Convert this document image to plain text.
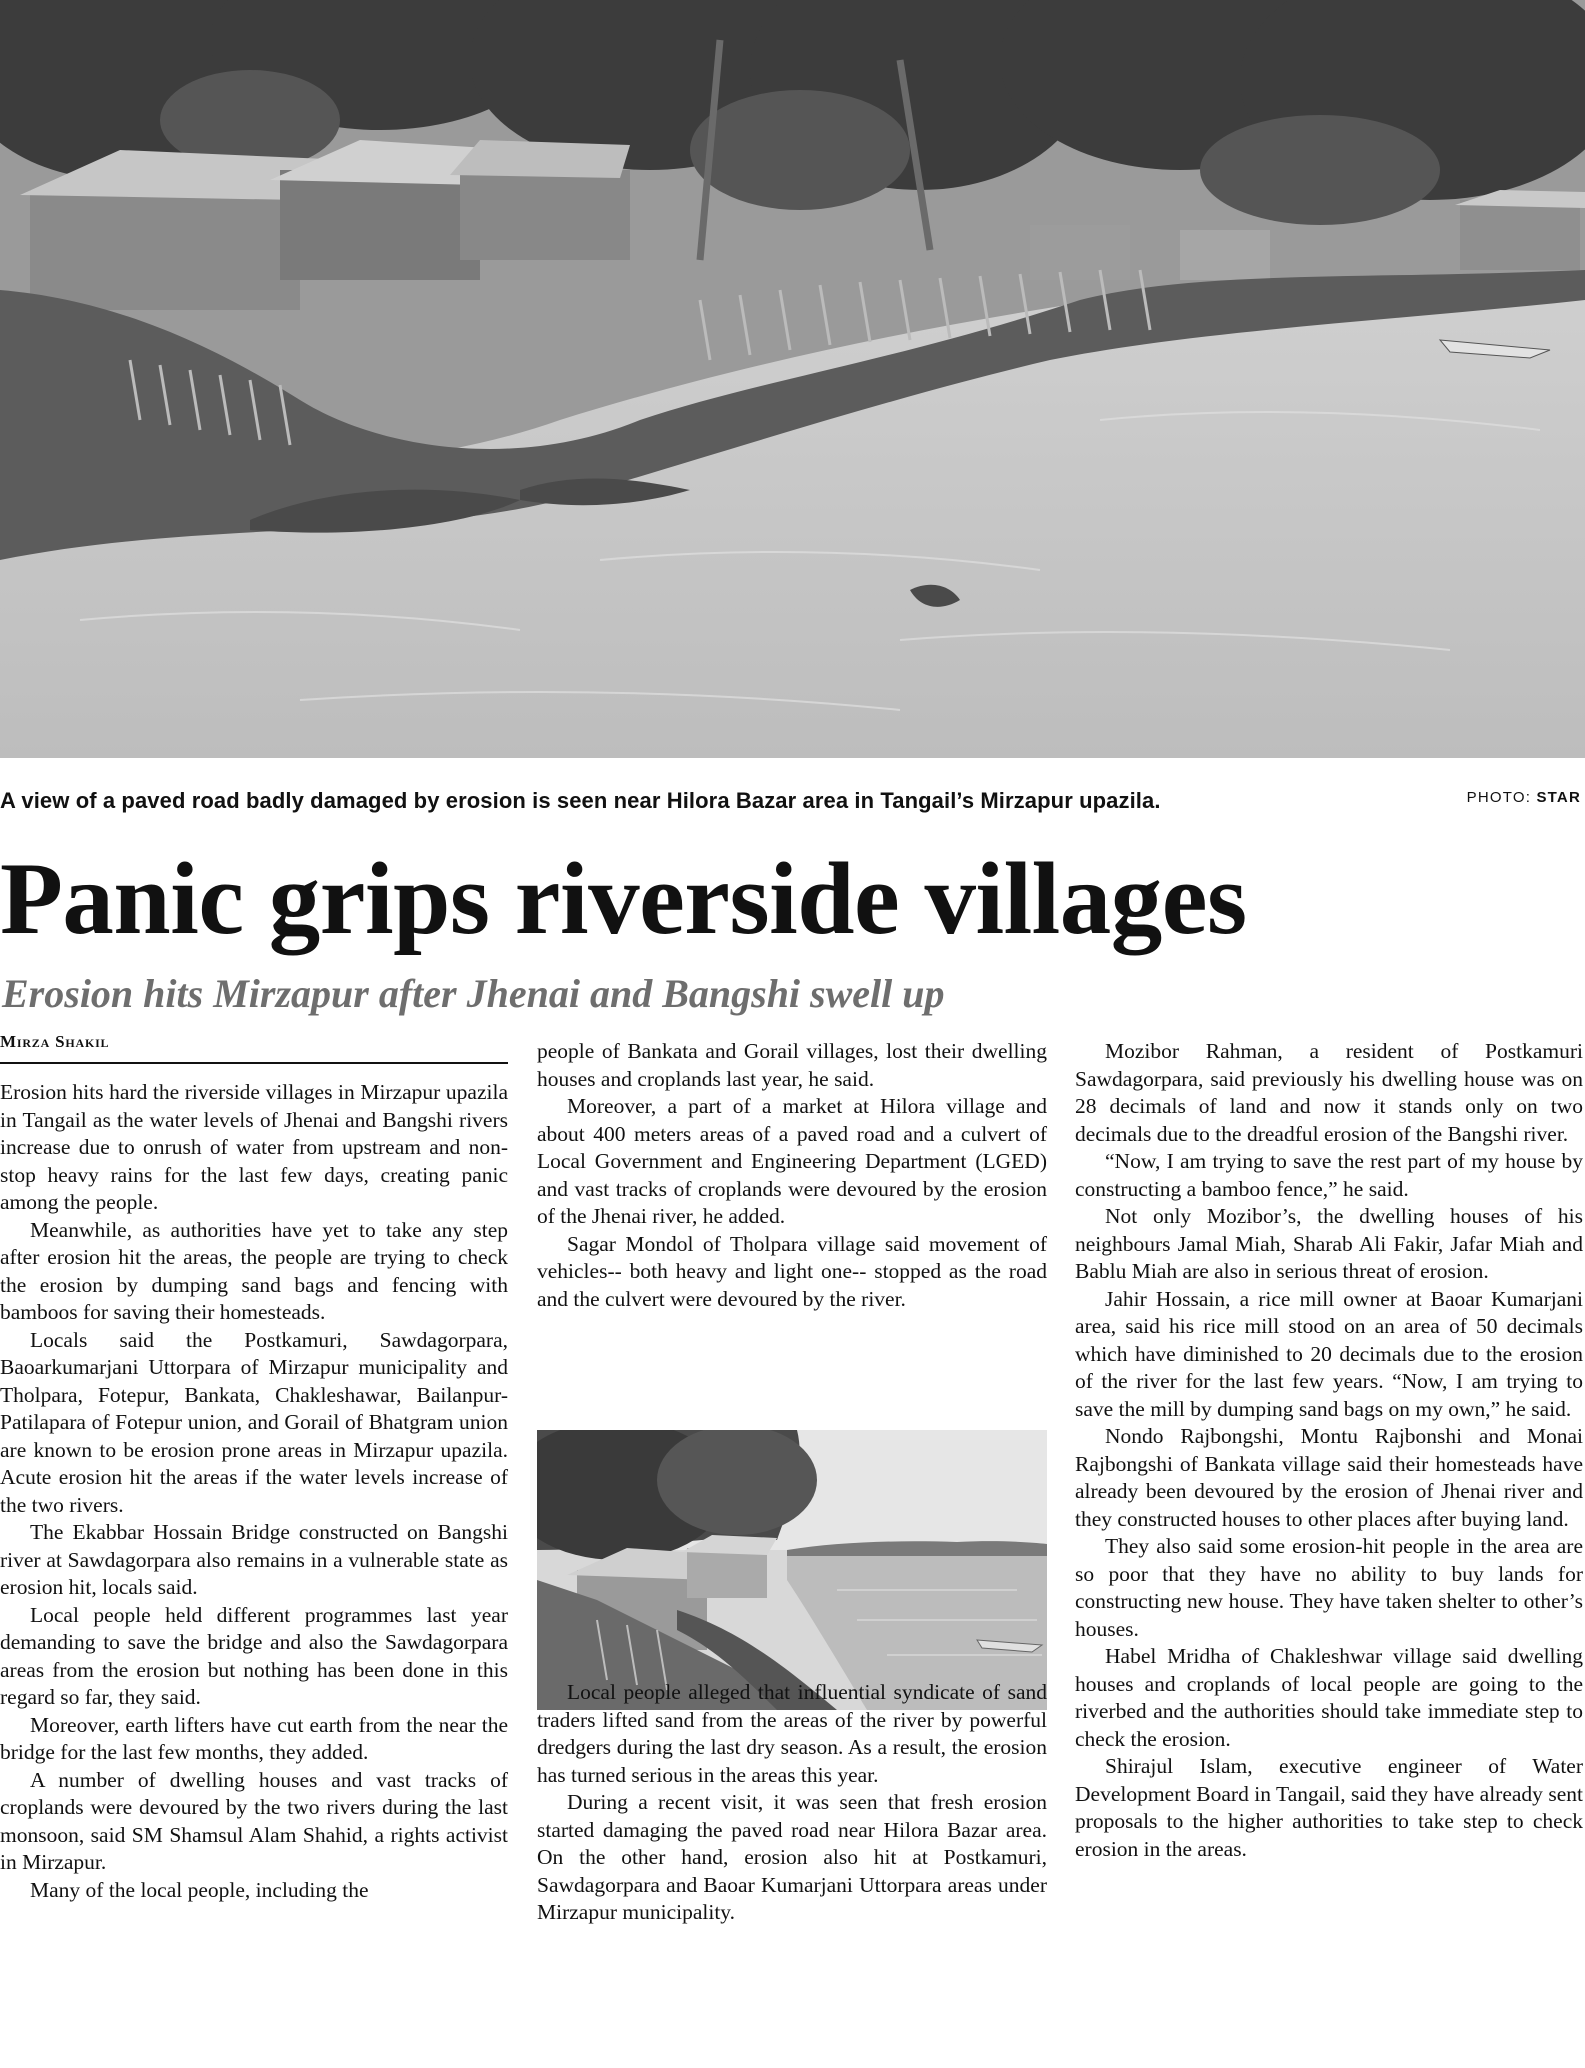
A view of a paved road badly damaged by erosion is seen near Hilora Bazar area in Tangail’s Mirzapur upazila.	PHOTO: STAR
Panic grips riverside villages
Erosion hits Mirzapur after Jhenai and Bangshi swell up
Mirza Shakil

Erosion hits hard the riverside villages in Mirzapur upazila in Tangail as the water levels of Jhenai and Bangshi rivers increase due to onrush of water from upstream and non-stop heavy rains for the last few days, creating panic among the people.

Meanwhile, as authorities have yet to take any step after erosion hit the areas, the people are trying to check the erosion by dumping sand bags and fencing with bamboos for saving their homesteads.

Locals said the Postkamuri, Sawdagorpara, Baoarkumarjani Uttorpara of Mirzapur municipality and Tholpara, Fotepur, Bankata, Chakleshawar, Bailanpur-Patilapara of Fotepur union, and Gorail of Bhatgram union are known to be erosion prone areas in Mirzapur upazila. Acute erosion hit the areas if the water levels increase of the two rivers.

The Ekabbar Hossain Bridge constructed on Bangshi river at Sawdagorpara also remains in a vulnerable state as erosion hit, locals said.

Local people held different programmes last year demanding to save the bridge and also the Sawdagorpara areas from the erosion but nothing has been done in this regard so far, they said.

Moreover, earth lifters have cut earth from the near the bridge for the last few months, they added.

A number of dwelling houses and vast tracks of croplands were devoured by the two rivers during the last monsoon, said SM Shamsul Alam Shahid, a rights activist in Mirzapur.

Many of the local people, including the

people of Bankata and Gorail villages, lost their dwelling houses and croplands last year, he said.

Moreover, a part of a market at Hilora village and about 400 meters areas of a paved road and a culvert of Local Government and Engineering Department (LGED) and vast tracks of croplands were devoured by the erosion of the Jhenai river, he added.

Sagar Mondol of Tholpara village said movement of vehicles-- both heavy and light one-- stopped as the road and the culvert were devoured by the river.

Local people alleged that influential syndicate of sand traders lifted sand from the areas of the river by powerful dredgers during the last dry season. As a result, the erosion has turned serious in the areas this year.

During a recent visit, it was seen that fresh erosion started damaging the paved road near Hilora Bazar area. On the other hand, erosion also hit at Postkamuri, Sawdagorpara and Baoar Kumarjani Uttorpara areas under Mirzapur municipality.

Mozibor Rahman, a resident of Postkamuri Sawdagorpara, said previously his dwelling house was on 28 decimals of land and now it stands only on two decimals due to the dreadful erosion of the Bangshi river.

“Now, I am trying to save the rest part of my house by constructing a bamboo fence,” he said.

Not only Mozibor’s, the dwelling houses of his neighbours Jamal Miah, Sharab Ali Fakir, Jafar Miah and Bablu Miah are also in serious threat of erosion.

Jahir Hossain, a rice mill owner at Baoar Kumarjani area, said his rice mill stood on an area of 50 decimals which have diminished to 20 decimals due to the erosion of the river for the last few years. “Now, I am trying to save the mill by dumping sand bags on my own,” he said.

Nondo Rajbongshi, Montu Rajbonshi and Monai Rajbongshi of Bankata village said their homesteads have already been devoured by the erosion of Jhenai river and they constructed houses to other places after buying land.

They also said some erosion-hit people in the area are so poor that they have no ability to buy lands for constructing new house. They have taken shelter to other’s houses.

Habel Mridha of Chakleshwar village said dwelling houses and croplands of local people are going to the riverbed and the authorities should take immediate step to check the erosion.

Shirajul Islam, executive engineer of Water Development Board in Tangail, said they have already sent proposals to the higher authorities to take step to check erosion in the areas.
